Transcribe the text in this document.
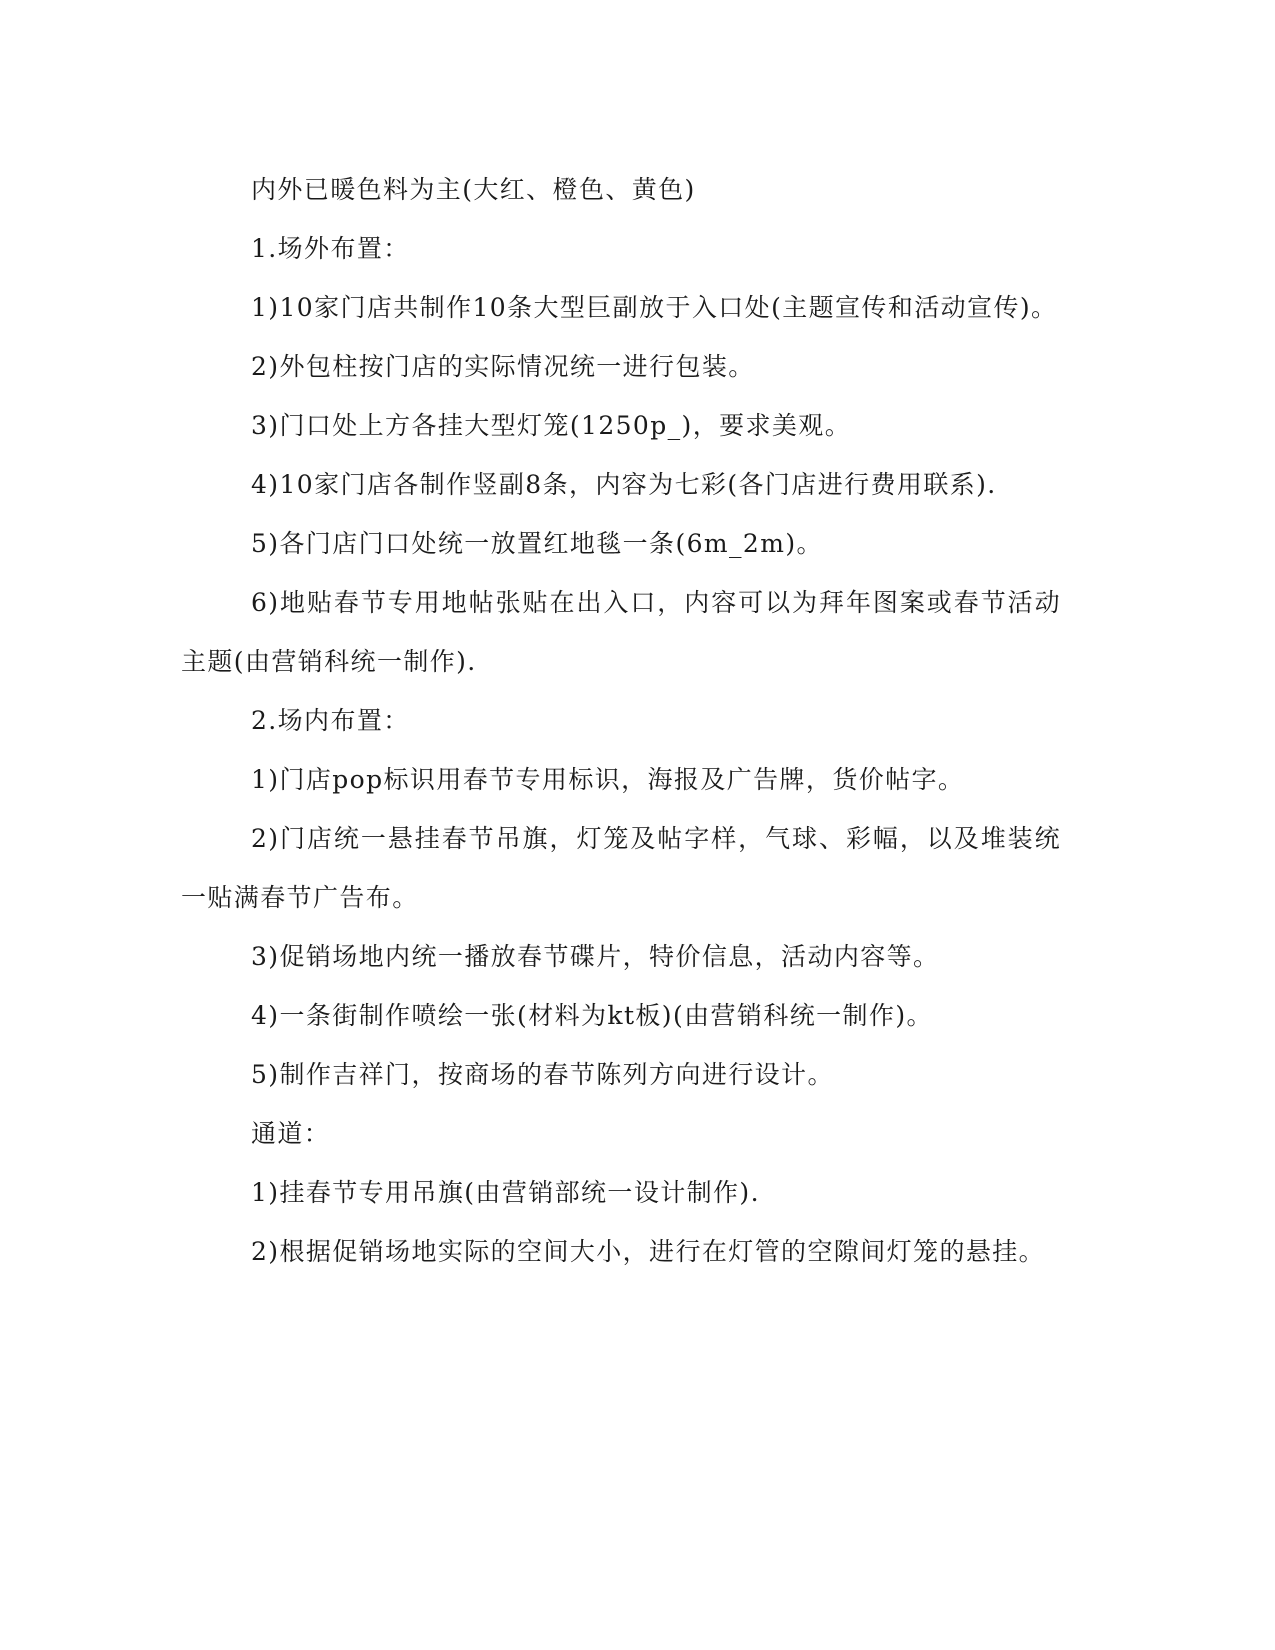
内外已暖色料为主(大红、橙色、黄色)

1.场外布置：

1)10家门店共制作10条大型巨副放于入口处(主题宣传和活动宣传)。

2)外包柱按门店的实际情况统一进行包装。

3)门口处上方各挂大型灯笼(1250p_)，要求美观。

4)10家门店各制作竖副8条，内容为七彩(各门店进行费用联系).

5)各门店门口处统一放置红地毯一条(6m_2m)。

6)地贴春节专用地帖张贴在出入口，内容可以为拜年图案或春节活动主题(由营销科统一制作).

2.场内布置：

1)门店pop标识用春节专用标识，海报及广告牌，货价帖字。

2)门店统一悬挂春节吊旗，灯笼及帖字样，气球、彩幅，以及堆装统一贴满春节广告布。

3)促销场地内统一播放春节碟片，特价信息，活动内容等。

4)一条街制作喷绘一张(材料为kt板)(由营销科统一制作)。

5)制作吉祥门，按商场的春节陈列方向进行设计。

通道：

1)挂春节专用吊旗(由营销部统一设计制作).

2)根据促销场地实际的空间大小，进行在灯管的空隙间灯笼的悬挂。
